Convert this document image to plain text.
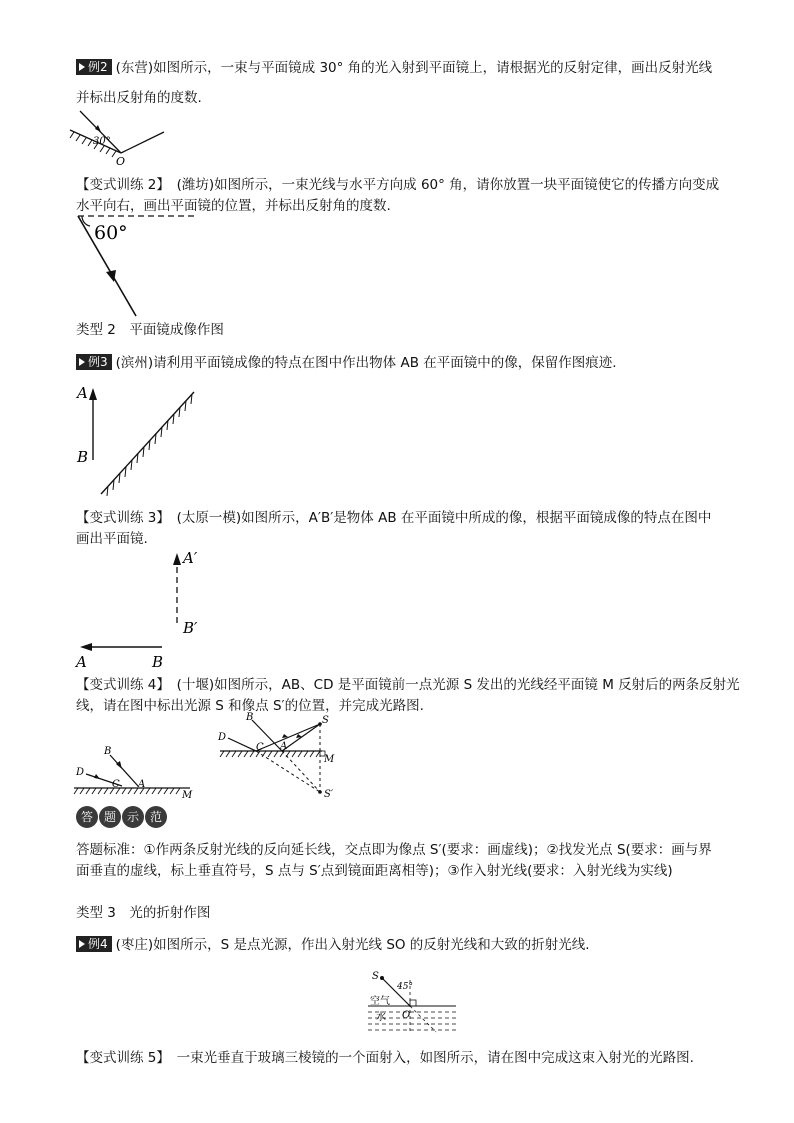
例2 (东营)如图所示，一束与平面镜成 30° 角的光入射到平面镜上，请根据光的反射定律，画出反射光线
并标出反射角的度数.
30°
O
【变式训练 2】　(潍坊)如图所示，一束光线与水平方向成 60° 角，请你放置一块平面镜使它的传播方向变成
水平向右，画出平面镜的位置，并标出反射角的度数.
60°
类型 2　平面镜成像作图
例3 (滨州)请利用平面镜成像的特点在图中作出物体 AB 在平面镜中的像，保留作图痕迹.
A
B
【变式训练 3】　(太原一模)如图所示，A′B′是物体 AB 在平面镜中所成的像，根据平面镜成像的特点在图中
画出平面镜.
A′
B′
A	B
【变式训练 4】　(十堰)如图所示，AB、CD 是平面镜前一点光源 S 发出的光线经平面镜 M 反射后的两条反射光
线，请在图中标出光源 S 和像点 S′的位置，并完成光路图.
B
D
C A
M
B	S
D
C A
M
S′
答 题 示 范
答题标准：①作两条反射光线的反向延长线，交点即为像点 S′(要求：画虚线)；②找发光点 S(要求：画与界
面垂直的虚线，标上垂直符号，S 点与 S′点到镜面距离相等)；③作入射光线(要求：入射光线为实线)
类型 3　光的折射作图
例4 (枣庄)如图所示，S 是点光源，作出入射光线 SO 的反射光线和大致的折射光线.
S
45°
空气
水 O
【变式训练 5】　一束光垂直于玻璃三棱镜的一个面射入，如图所示，请在图中完成这束入射光的光路图.
